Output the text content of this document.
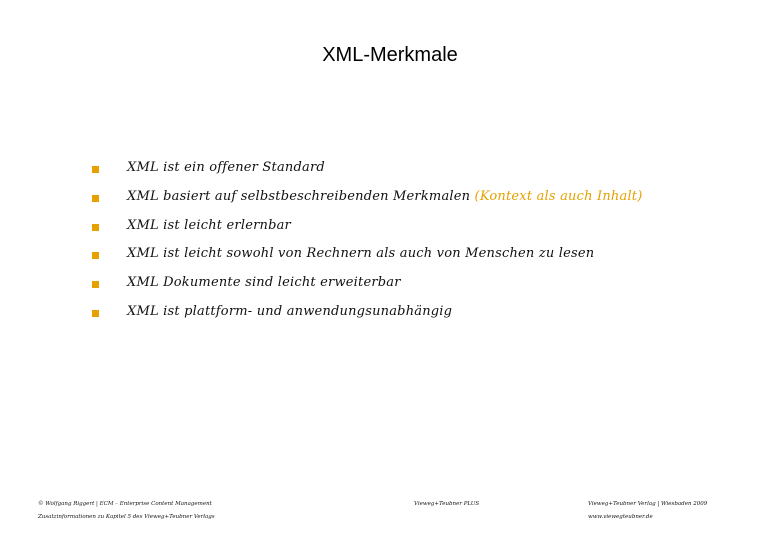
XML-Merkmale
XML ist ein offener Standard
XML basiert auf selbstbeschreibenden Merkmalen (Kontext als auch Inhalt)
XML ist leicht erlernbar
XML ist leicht sowohl von Rechnern als auch von Menschen zu lesen
XML Dokumente sind leicht erweiterbar
XML ist plattform- und anwendungsunabhängig
© Wolfgang Riggert | ECM – Enterprise Content Management
Zusatzinformationen zu Kapitel 5 des Vieweg+Teubner Verlags
Vieweg+Teubner PLUS	Vieweg+Teubner Verlag | Wiesbaden 2009
www.viewegteubner.de
